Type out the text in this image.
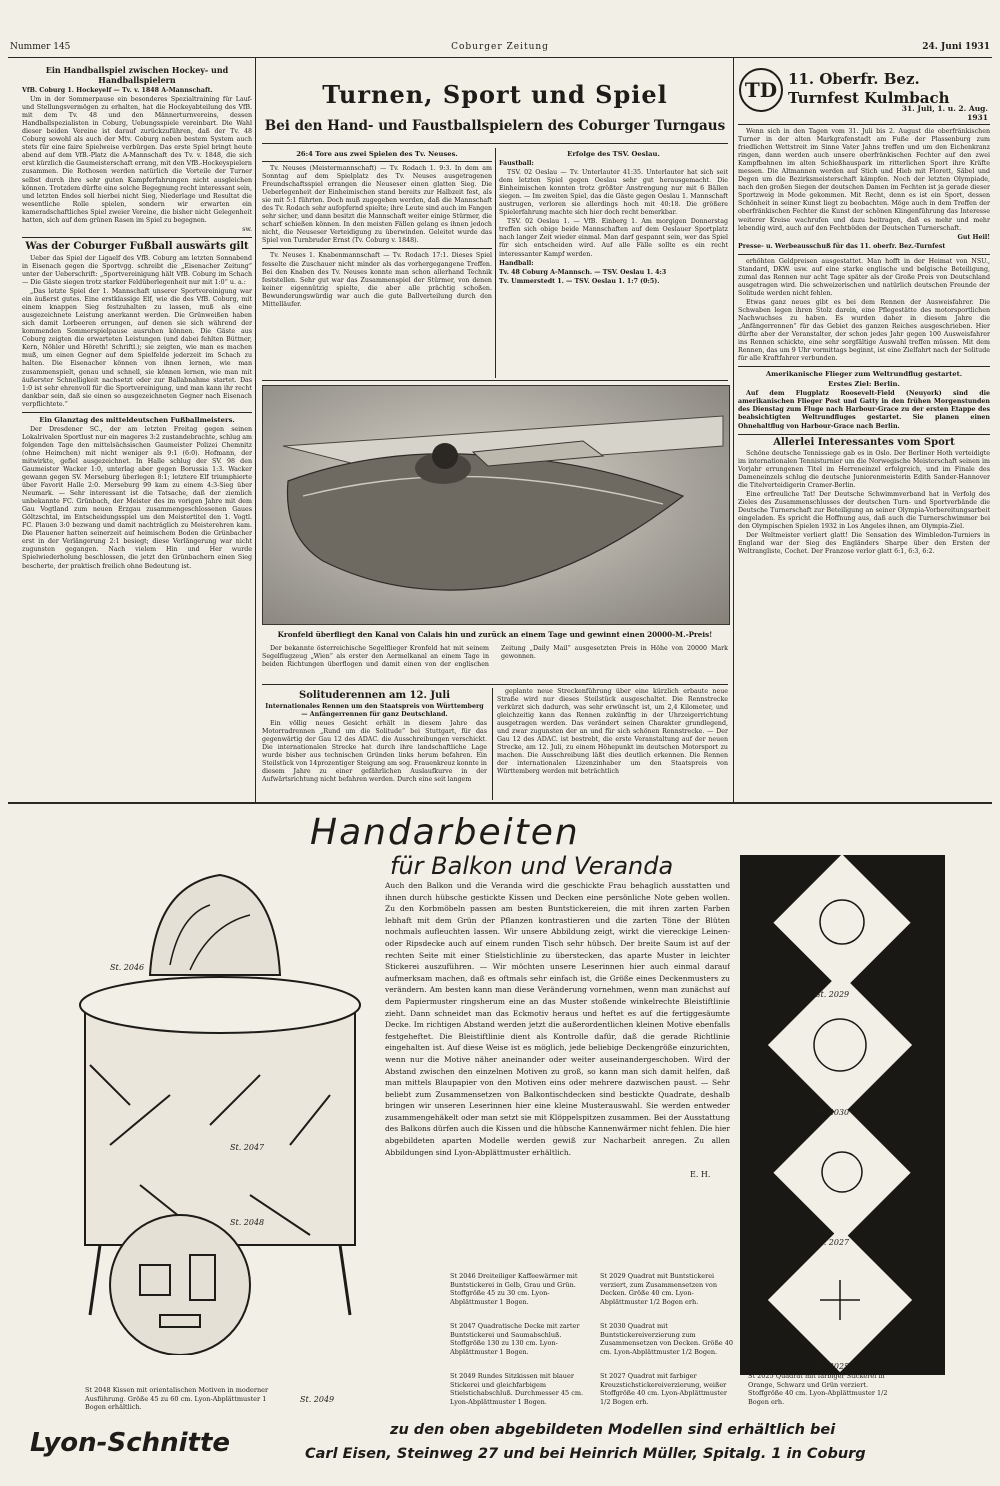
Nummer 145	Coburger Zeitung	24. Juni 1931
Ein Handballspiel zwischen Hockey- und Handballspielern
VfB. Coburg 1. Hockeyelf — Tv. v. 1848 A-Mannschaft.

Um in der Sommerpause ein besonderes Spezialtraining für Lauf- und Stellungsvermögen zu erhalten, hat die Hockeyabteilung des VfB. mit dem Tv. 48 und den Männerturnvereins, dessen Handballspezialisten in Coburg, Uebungsspiele vereinbart. Die Wahl dieser beiden Vereine ist darauf zurückzuführen, daß der Tv. 48 Coburg sowohl als auch der Mtv. Coburg neben bestem System auch stets für eine faire Spielweise verbürgen. Das erste Spiel bringt heute abend auf dem VfB.-Platz die A-Mannschaft des Tv. v. 1848, die sich erst kürzlich die Gaumeisterschaft errang, mit den VfB.-Hockeyspielern zusammen. Die Rothosen werden natürlich die Vorteile der Turner selbst durch ihre sehr guten Kampferfahrungen nicht ausgleichen können. Trotzdem dürfte eine solche Begegnung recht interessant sein, und letzten Endes soll hierbei nicht Sieg, Niederlage und Resultat die wesentliche Rolle spielen, sondern wir erwarten ein kameradschaftliches Spiel zweier Vereine, die bisher nicht Gelegenheit hatten, sich auf dem grünen Rasen im Spiel zu begegnen.

sw.
Was der Coburger Fußball auswärts gilt

Ueber das Spiel der Ligaelf des VfB. Coburg am letzten Sonnabend in Eisenach gegen die Sportvgg. schreibt die „Eisenacher Zeitung“ unter der Ueberschrift: „Sportvereinigung hält VfB. Coburg im Schach — Die Gäste siegen trotz starker Feldüberlegenheit nur mit 1:0“ u. a.:

„Das letzte Spiel der 1. Mannschaft unserer Sportvereinigung war ein äußerst gutes. Eine erstklassige Elf, wie die des VfB. Coburg, mit einem knappen Sieg festzuhalten zu lassen, muß als eine ausgezeichnete Leistung anerkannt werden. Die Grünweißen haben sich damit Lorbeeren errungen, auf denen sie sich während der kommenden Sommerspielpause ausruhen können. Die Gäste aus Coburg zeigten die erwarteten Leistungen (und dabei fehlten Büttner, Kern, Nöhler und Höreth! Schriftl.); sie zeigten, wie man es machen muß, um einen Gegner auf dem Spielfelde jederzeit im Schach zu halten. Die Eisenacher können von ihnen lernen, wie man zusammenspielt, genau und schnell, sie können lernen, wie man mit äußerster Schnelligkeit nachsetzt oder zur Ballabnahme startet. Das 1:0 ist sehr ehrenvoll für die Sportvereinigung, und man kann ihr recht dankbar sein, daß sie einen so ausgezeichneten Gegner nach Eisenach verpflichtete.“

Ein Glanztag des mitteldeutschen Fußballmeisters.

Der Dresdener SC., der am letzten Freitag gegen seinen Lokalrivalen Sportlust nur ein mageres 3:2 zustandebrachte, schlug am folgenden Tage den mittelsächsischen Gaumeister Polizei Chemnitz (ohne Heimchen) mit nicht weniger als 9:1 (6:0). Hofmann, der mitwirkte, gefiel ausgezeichnet. In Halle schlug der SV. 98 den Gaumeister Wacker 1:0, unterlag aber gegen Borussia 1:3. Wacker gewann gegen SV. Merseburg überlegen 8:1; letztere Elf triumphierte über Favorit Halle 2:0. Merseburg 99 kam zu einem 4:3-Sieg über Neumark. — Sehr interessant ist die Tatsache, daß der ziemlich unbekannte FC. Grünbach, der Meister des im vorigen Jahre mit dem Gau Vogtland zum neuen Erzgau zusammengeschlossenen Gaues Göltzschtal, im Entscheidungsspiel um den Meistertitel den 1. Vogtl. FC. Plauen 3:0 bezwang und damit nachträglich zu Meisterehren kam. Die Plauener hatten seinerzeit auf heimischem Boden die Grünbacher erst in der Verlängerung 2:1 besiegt; diese Verlängerung war nicht zugunsten gegangen. Nach vielem Hin und Her wurde Spielwiederholung beschlossen, die jetzt den Grünbachern einen Sieg bescherte, der praktisch freilich ohne Bedeutung ist.

Turnen, Sport und Spiel
Bei den Hand- und Faustballspielern des Coburger Turngaus
26:4 Tore aus zwei Spielen des Tv. Neuses.

Tv. Neuses (Meistermannschaft) — Tv. Rodach 1. 9:3. In dem am Sonntag auf dem Spielplatz des Tv. Neuses ausgetragenen Freundschaftsspiel errangen die Neuseser einen glatten Sieg. Die Ueberlegenheit der Einheimischen stand bereits zur Halbzeit fest, als sie mit 5:1 führten. Doch muß zugegeben werden, daß die Mannschaft des Tv. Rodach sehr aufopfernd spielte; ihre Leute sind auch im Fangen sehr sicher, und dann besitzt die Mannschaft weiter einige Stürmer, die scharf schießen können. In den meisten Fällen gelang es ihnen jedoch nicht, die Neuseser Verteidigung zu überwinden. Geleitet wurde das Spiel von Turnbruder Ernst (Tv. Coburg v. 1848).

Tv. Neuses 1. Knabenmannschaft — Tv. Rodach 17:1. Dieses Spiel fesselte die Zuschauer nicht minder als das vorhergegangene Treffen. Bei den Knaben des Tv. Neuses konnte man schon allerhand Technik feststellen. Sehr gut war das Zusammenspiel der Stürmer, von denen keiner eigennützig spielte, die aber alle prächtig schoßen. Bewunderungswürdig war auch die gute Ballverteilung durch den Mittelläufer.

Erfolge des TSV. Oeslau.
Faustball:

TSV. 02 Oeslau — Tv. Unterlauter 41:35. Unterlauter hat sich seit dem letzten Spiel gegen Oeslau sehr gut herausgemacht. Die Einheimischen konnten trotz größter Anstrengung nur mit 6 Bällen siegen. — Im zweiten Spiel, das die Gäste gegen Oeslau 1. Mannschaft austrugen, verloren sie allerdings hoch mit 40:18. Die größere Spielerfahrung machte sich hier doch recht bemerkbar.

TSV. 02 Oeslau 1. — VfB. Einberg 1. Am morgigen Donnerstag treffen sich obige beide Mannschaften auf dem Oeslauer Sportplatz nach langer Zeit wieder einmal. Man darf gespannt sein, wer das Spiel für sich entscheiden wird. Auf alle Fälle sollte es ein recht interessanter Kampf werden.

Handball:
Tv. 48 Coburg A-Mannsch. — TSV. Oeslau 1. 4:3
Tv. Ummerstedt 1. — TSV. Oeslau 1. 1:7 (0:5).
Kronfeld überfliegt den Kanal von Calais hin und zurück an einem Tage und gewinnt einen 20000-M.-Preis!

Der bekannte österreichische Segelflieger Kronfeld hat mit seinem Segelflugzeug „Wien“ als erster den Aermelkanal an einem Tage in beiden Richtungen überflogen und damit einen von der englischen Zeitung „Daily Mail“ ausgesetzten Preis in Höhe von 20000 Mark gewonnen.

Solituderennen am 12. Juli
Internationales Rennen um den Staatspreis von Württemberg — Anfängerrennen für ganz Deutschland.

Ein völlig neues Gesicht erhält in diesem Jahre das Motorradrennen „Rund um die Solitude“ bei Stuttgart, für das gegenwärtig der Gau 12 des ADAC. die Ausschreibungen verschickt. Die internationalen Strecke hat durch ihre landschaftliche Lage wurde bisher aus technischen Gründen links herum befahren. Ein Steilstück von 14prozentiger Steigung am sog. Frauenkreuz konnte in diesem Jahre zu einer gefährlichen Auslaufkurve in der Aufwärtsrichtung nicht befahren werden. Durch eine seit langem

geplante neue Streckenführung über eine kürzlich erbaute neue Straße wird nur dieses Steilstück ausgeschaltet. Die Rennstrecke verkürzt sich dadurch, was sehr erwünscht ist, um 2,4 Kilometer, und gleichzeitig kann das Rennen zukünftig in der Uhrzeigerrichtung ausgetragen werden. Das verändert seinen Charakter grundlegend, und zwar zugunsten der an und für sich schönen Rennstrecke. — Der Gau 12 des ADAC. ist bestrebt, die erste Veranstaltung auf der neuen Strecke, am 12. Juli, zu einem Höhepunkt im deutschen Motorsport zu machen. Die Ausschreibung läßt dies deutlich erkennen. Die Rennen der internationalen Lizenzinhaber um den Staatspreis von Württemberg werden mit beträchtlich

TD 11. Oberfr. Bez. Turnfest Kulmbach
31. Juli, 1. u. 2. Aug. 1931

Wenn sich in den Tagen vom 31. Juli bis 2. August die oberfränkischen Turner in der alten Markgrafenstadt am Fuße der Plassenburg zum friedlichen Wettstreit im Sinne Vater Jahns treffen und um den Eichenkranz ringen, dann werden auch unsere oberfränkischen Fechter auf den zwei Kampfbahnen im alten Schießhauspark im ritterlichen Sport ihre Kräfte messen. Die Altmannen werden auf Stich und Hieb mit Florett, Säbel und Degen um die Bezirksmeisterschaft kämpfen. Noch der letzten Olympiade, nach den großen Siegen der deutschen Damen im Fechten ist ja gerade dieser Sportzweig in Mode gekommen. Mit Recht, denn es ist ein Sport, dessen Schönheit in seiner Kunst liegt zu beobachten. Möge auch in dem Treffen der oberfränkischen Fechter die Kunst der schönen Klingenführung das Interesse weiterer Kreise wachrufen und dazu beitragen, daß es mehr und mehr lebendig wird, auch auf den Fechtböden der Deutschen Turnerschaft.

Gut Heil!
Presse- u. Werbeausschuß für das 11. oberfr. Bez.-Turnfest

erhöhten Geldpreisen ausgestattet. Man hofft in der Heimat von NSU., Standard, DKW. usw. auf eine starke englische und belgische Beteiligung, zumal das Rennen nur acht Tage später als der Große Preis von Deutschland ausgetragen wird. Die schweizerischen und natürlich deutschen Freunde der Solitude werden nicht fehlen.

Etwas ganz neues gibt es bei dem Rennen der Ausweisfahrer. Die Schwaben legen ihren Stolz darein, eine Pflegestätte des motorsportlichen Nachwuchses zu haben. Es wurden daher in diesem Jahre die „Anfängerrennen“ für das Gebiet des ganzen Reiches ausgeschrieben. Hier dürfte aber der Veranstalter, der schon jedes Jahr gegen 100 Ausweisfahrer ins Rennen schickte, eine sehr sorgfältige Auswahl treffen müssen. Mit dem Rennen, das um 9 Uhr vormittags beginnt, ist eine Zielfahrt nach der Solitude für alle Kraftfahrer verbunden.

Amerikanische Flieger zum Weltrundflug gestartet.
Erstes Ziel: Berlin.

Auf dem Flugplatz Roosevelt-Field (Neuyork) sind die amerikanischen Flieger Post und Gatty in den frühen Morgenstunden des Dienstag zum Fluge nach Harbour-Grace zu der ersten Etappe des beabsichtigten Weltrundfluges gestartet. Sie planen einen Ohnehaltflug von Harbour-Grace nach Berlin.

Allerlei Interessantes vom Sport

Schöne deutsche Tennissiege gab es in Oslo. Der Berliner Hoth verteidigte im internationalen Tennisturnier um die Norwegische Meisterschaft seinen im Vorjahr errungenen Titel im Herreneinzel erfolgreich, und im Finale des Dameneinzels schlug die deutsche Juniorenmeisterin Edith Sander-Hannover die Titelverteidigerin Cramer-Berlin.

Eine erfreuliche Tat! Der Deutsche Schwimmverband hat in Verfolg des Zieles des Zusammenschlusses der deutschen Turn- und Sportverbände die Deutsche Turnerschaft zur Beteiligung an seiner Olympia-Vorbereitungsarbeit eingeladen. Es spricht die Hoffnung aus, daß auch die Turnerschwimmer bei den Olympischen Spielen 1932 in Los Angeles ihnen, am Olympia-Ziel.

Der Weltmeister verliert glatt! Die Sensation des Wimbledon-Turniers in England war der Sieg des Engländers Sharpe über den Ersten der Weltrangliste, Cochet. Der Franzose verlor glatt 6:1, 6:3, 6:2.

Handarbeiten
für Balkon und Veranda
St. 2046
St. 2047
St. 2048
St. 2049
Auch den Balkon und die Veranda wird die geschickte Frau behaglich ausstatten und ihnen durch hübsche gestickte Kissen und Decken eine persönliche Note geben wollen. Zu den Korbmöbeln passen am besten Buntstickereien, die mit ihren zarten Farben lebhaft mit dem Grün der Pflanzen kontrastieren und die zarten Töne der Blüten nochmals aufleuchten lassen. Wir unsere Abbildung zeigt, wirkt die viereckige Leinen- oder Ripsdecke auch auf einem runden Tisch sehr hübsch. Der breite Saum ist auf der rechten Seite mit einer Stielstichlinie zu überstecken, das aparte Muster in leichter Stickerei auszuführen. — Wir möchten unsere Leserinnen hier auch einmal darauf aufmerksam machen, daß es oftmals sehr einfach ist, die Größe eines Deckenmusters zu verändern. Am besten kann man diese Veränderung vornehmen, wenn man zunächst auf dem Papiermuster ringsherum eine an das Muster stoßende winkelrechte Bleistiftlinie zieht. Dann schneidet man das Eckmotiv heraus und heftet es auf die fertiggesäumte Decke. Im richtigen Abstand werden jetzt die außerordentlichen kleinen Motive ebenfalls festgeheftet. Die Bleistiftlinie dient als Kontrolle dafür, daß die gerade Richtlinie eingehalten ist. Auf diese Weise ist es möglich, jede beliebige Deckengröße einzurichten, wenn nur die Motive näher aneinander oder weiter auseinandergeschoben. Wird der Abstand zwischen den einzelnen Motiven zu groß, so kann man sich damit helfen, daß man mittels Blaupapier von den Motiven eins oder mehrere dazwischen paust. — Sehr beliebt zum Zusammensetzen von Balkontischdecken sind bestickte Quadrate, deshalb bringen wir unseren Leserinnen hier eine kleine Musterauswahl. Sie werden entweder zusammengehäkelt oder man setzt sie mit Klöppelspitzen zusammen. Bei der Ausstattung des Balkons dürfen auch die Kissen und die hübsche Kannenwärmer nicht fehlen. Die hier abgebildeten aparten Modelle werden gewiß zur Nacharbeit anregen. Zu allen Abbildungen sind Lyon-Abplättmuster erhältlich.
E. H.
St. 2029
St. 2030
St. 2027
St. 2025
St 2046 Dreiteiliger Kaffeewärmer mit Buntstickerei in Gelb, Grau und Grün. Stoffgröße 45 zu 30 cm. Lyon-Abplättmuster 1 Bogen.
St 2047 Quadratische Decke mit zarter Buntstickerei und Saumabschluß. Stoffgröße 130 zu 130 cm. Lyon-Abplättmuster 1 Bogen.
St 2049 Rundes Sitzkissen mit blauer Stickerei und gleichfarbigem Stielstichabschluß. Durchmesser 45 cm. Lyon-Abplättmuster 1 Bogen.
St 2029 Quadrat mit Buntstickerei verziert, zum Zusammensetzen von Decken. Größe 40 cm. Lyon-Abplättmuster 1/2 Bogen erh.
St 2030 Quadrat mit Buntstickereiverzierung zum Zusammensetzen von Decken. Größe 40 cm. Lyon-Abplättmuster 1/2 Bogen.
St 2027 Quadrat mit farbiger Kreuzstichstickereiverzierung, weißer Stoffgröße 40 cm. Lyon-Abplättmuster 1/2 Bogen erh.
St 2025 Quadrat mit farbiger Stickerei in Orange, Schwarz und Grün verziert. Stoffgröße 40 cm. Lyon-Abplättmuster 1/2 Bogen erh.
St 2048 Kissen mit orientalischen Motiven in moderner Ausführung. Größe 45 zu 60 cm. Lyon-Abplättmuster 1 Bogen erhältlich.
Lyon-Schnitte	zu den oben abgebildeten Modellen sind erhältlich bei
Carl Eisen, Steinweg 27 und bei Heinrich Müller, Spitalg. 1 in Coburg
